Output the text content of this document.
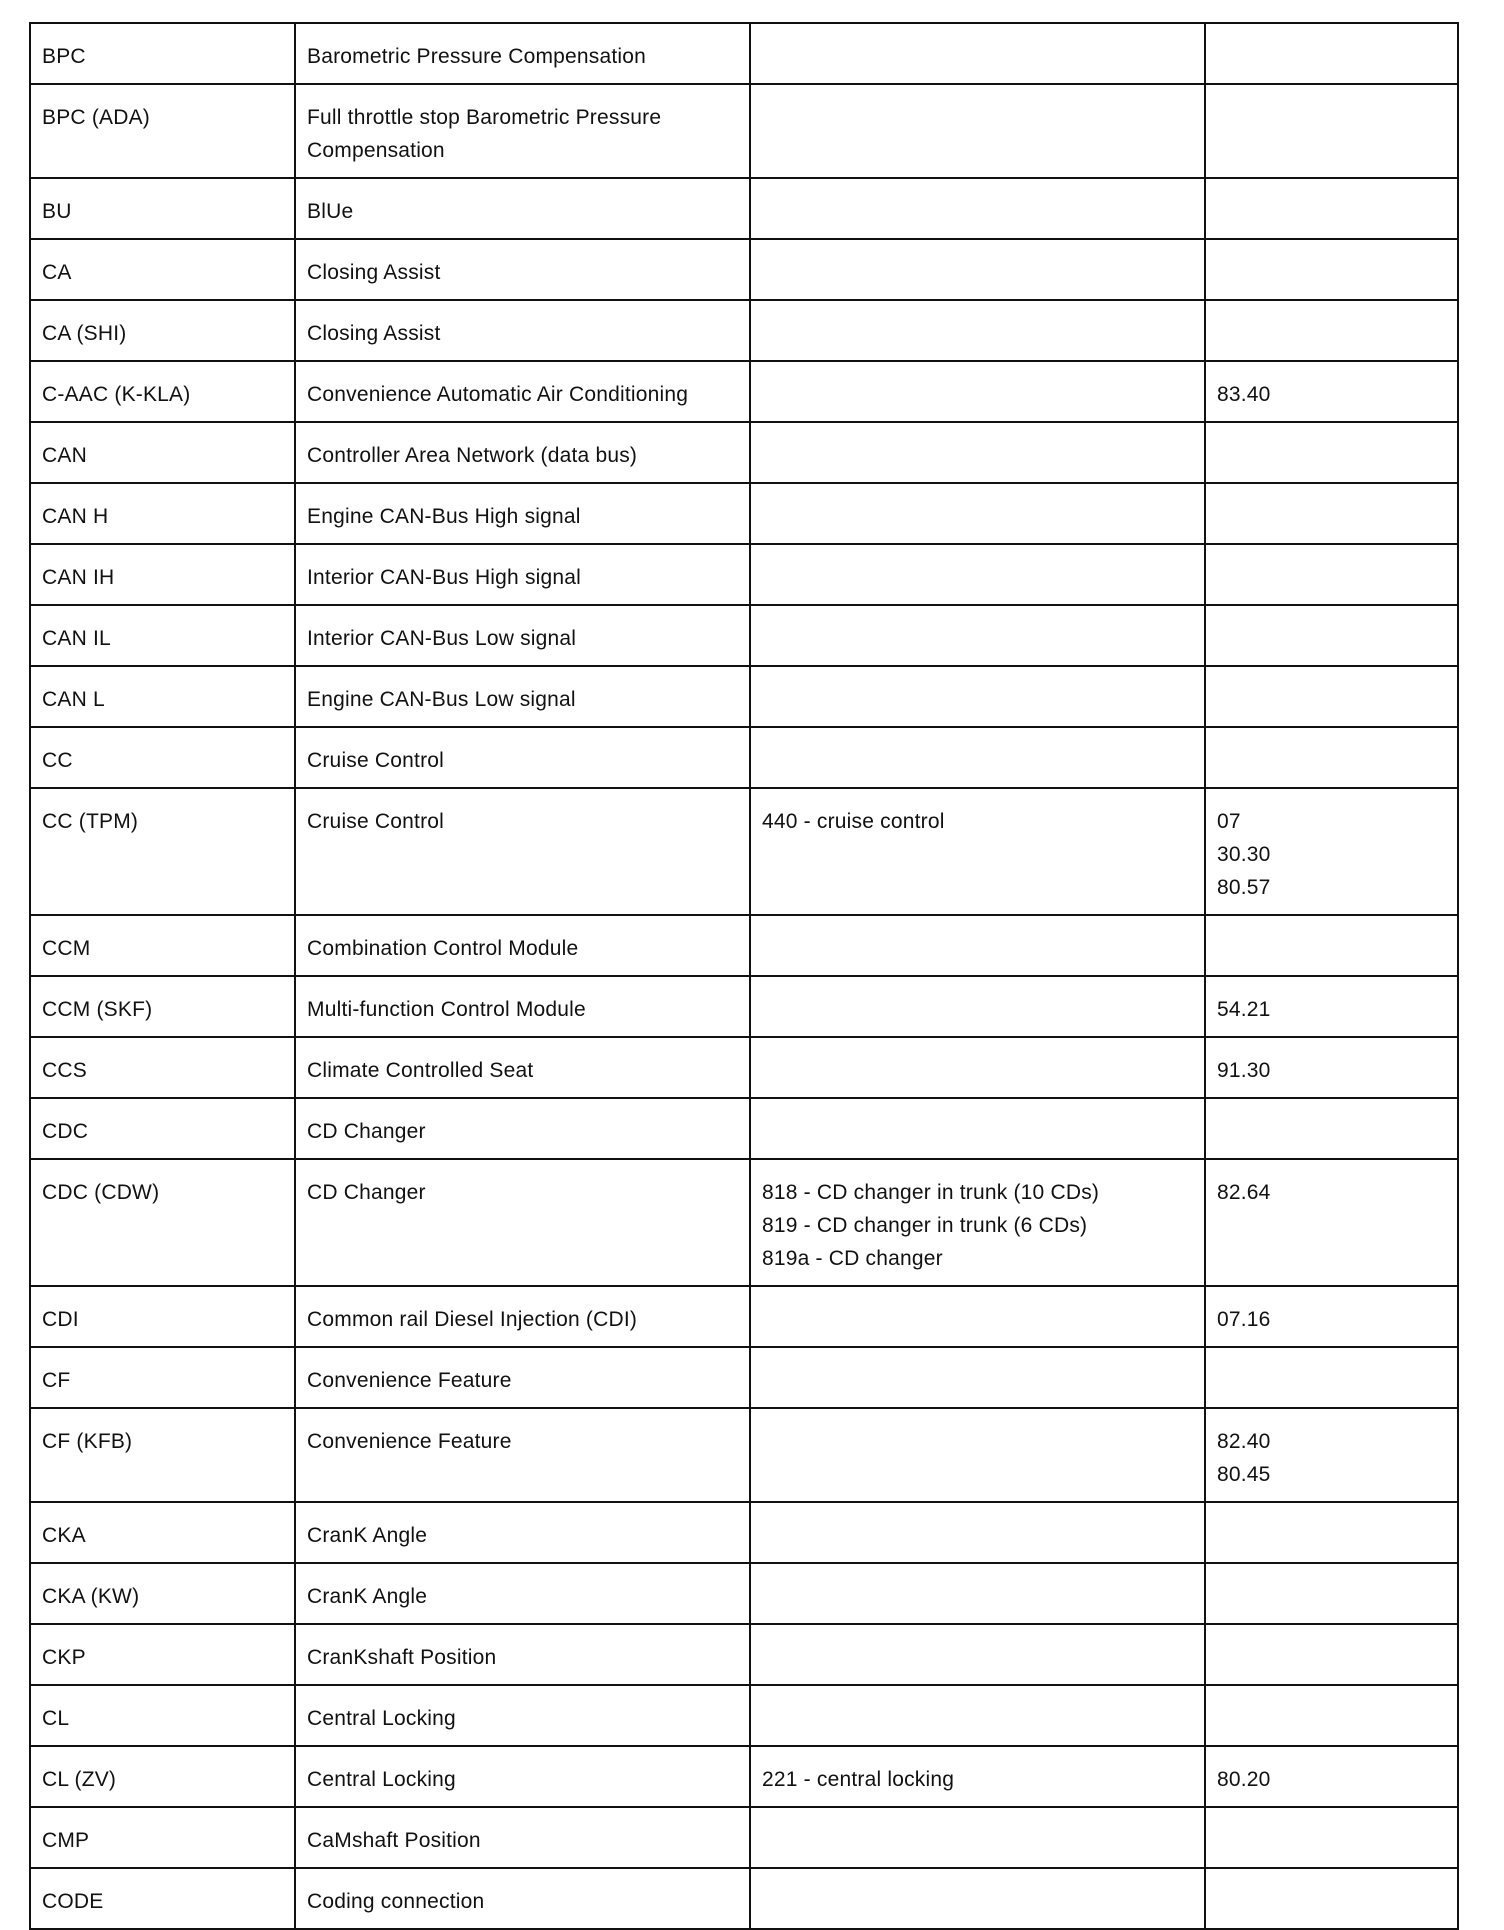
BPC	Barometric Pressure Compensation		
BPC (ADA)	Full throttle stop Barometric Pressure Compensation		
BU	BlUe		
CA	Closing Assist		
CA (SHI)	Closing Assist		
C-AAC (K-KLA)	Convenience Automatic Air Conditioning		83.40

CAN	Controller Area Network (data bus)		
CAN H	Engine CAN-Bus High signal		
CAN IH	Interior CAN-Bus High signal		
CAN IL	Interior CAN-Bus Low signal		
CAN L	Engine CAN-Bus Low signal		
CC	Cruise Control		
CC (TPM)	Cruise Control	440 - cruise control	07
30.30
80.57

CCM	Combination Control Module		
CCM (SKF)	Multi-function Control Module		54.21

CCS	Climate Controlled Seat		91.30

CDC	CD Changer		
CDC (CDW)	CD Changer	818 - CD changer in trunk (10 CDs)
819 - CD changer in trunk (6 CDs)
819a - CD changer	82.64

CDI	Common rail Diesel Injection (CDI)		07.16

CF	Convenience Feature		
CF (KFB)	Convenience Feature		82.40
80.45

CKA	CranK Angle		
CKA (KW)	CranK Angle		
CKP	CranKshaft Position		
CL	Central Locking		
CL (ZV)	Central Locking	221 - central locking	80.20

CMP	CaMshaft Position		
CODE	Coding connection		
